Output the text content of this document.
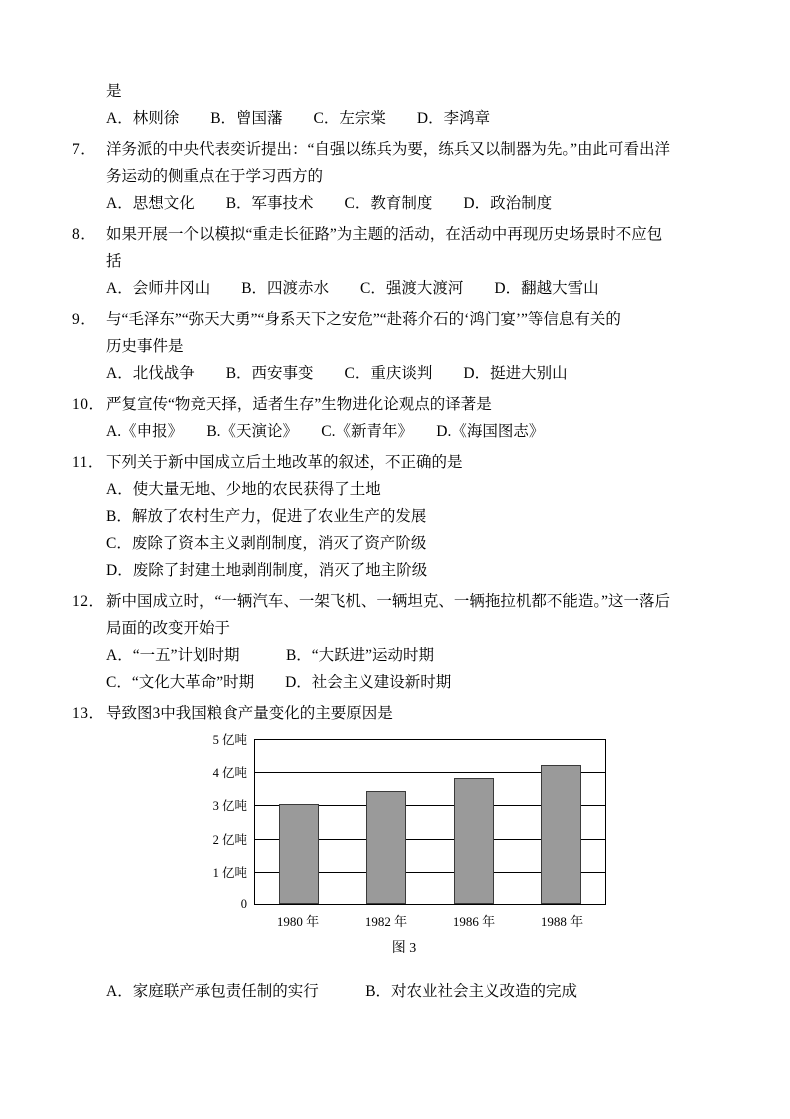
是
A．林则徐　　B．曾国藩　　C．左宗棠　　D．李鸿章
7． 洋务派的中央代表奕䜣提出：“自强以练兵为要，练兵又以制器为先。”由此可看出洋
务运动的侧重点在于学习西方的
A．思想文化　　B．军事技术　　C．教育制度　　D．政治制度
8． 如果开展一个以模拟“重走长征路”为主题的活动，在活动中再现历史场景时不应包
括
A．会师井冈山　　B．四渡赤水　　C．强渡大渡河　　D．翻越大雪山
9． 与“毛泽东”“弥天大勇”“身系天下之安危”“赴蒋介石的‘鸿门宴’”等信息有关的
历史事件是
A．北伐战争　　B．西安事变　　C．重庆谈判　　D．挺进大别山
10． 严复宣传“物竞天择，适者生存”生物进化论观点的译著是
A.《申报》　　B.《天演论》　　C.《新青年》　　D.《海国图志》
11． 下列关于新中国成立后土地改革的叙述，不正确的是
A．使大量无地、少地的农民获得了土地
B．解放了农村生产力，促进了农业生产的发展
C．废除了资本主义剥削制度，消灭了资产阶级
D．废除了封建土地剥削制度，消灭了地主阶级
12． 新中国成立时，“一辆汽车、一架飞机、一辆坦克、一辆拖拉机都不能造。”这一落后
局面的改变开始于
A．“一五”计划时期　　　B．“大跃进”运动时期
C．“文化大革命”时期　　D．社会主义建设新时期
13． 导致图3中我国粮食产量变化的主要原因是
5 亿吨
4 亿吨
3 亿吨
2 亿吨
1 亿吨
0
1980 年	1982 年	1986 年	1988 年
图 3
A．家庭联产承包责任制的实行　　　B．对农业社会主义改造的完成
